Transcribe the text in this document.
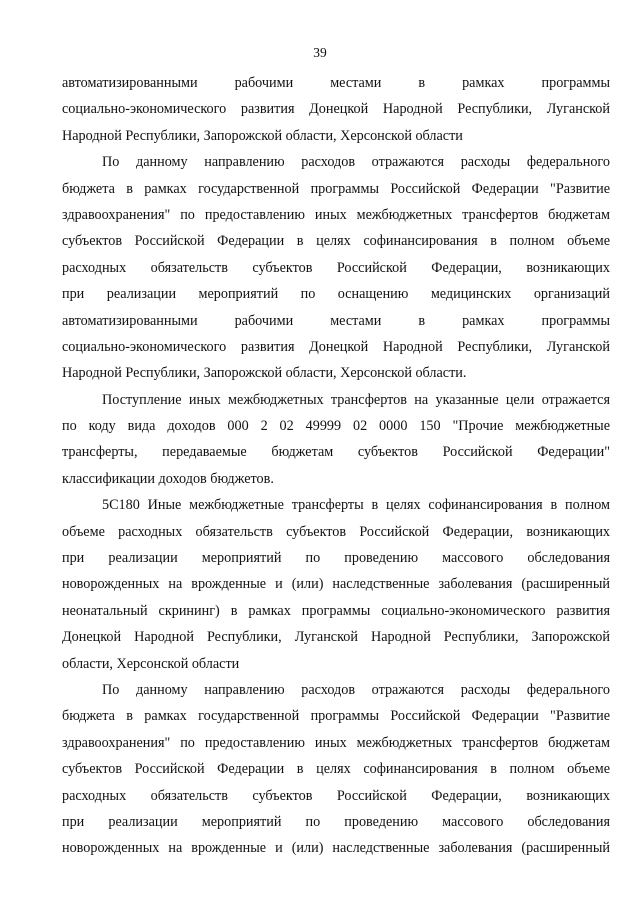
39
автоматизированными рабочими местами в рамках программы
социально-экономического развития Донецкой Народной Республики, Луганской
Народной Республики, Запорожской области, Херсонской области
По данному направлению расходов отражаются расходы федерального
бюджета в рамках государственной программы Российской Федерации "Развитие
здравоохранения" по предоставлению иных межбюджетных трансфертов бюджетам
субъектов Российской Федерации в целях софинансирования в полном объеме
расходных обязательств субъектов Российской Федерации, возникающих
при реализации мероприятий по оснащению медицинских организаций
автоматизированными рабочими местами в рамках программы
социально-экономического развития Донецкой Народной Республики, Луганской
Народной Республики, Запорожской области, Херсонской области.
Поступление иных межбюджетных трансфертов на указанные цели отражается
по коду вида доходов 000 2 02 49999 02 0000 150 "Прочие межбюджетные
трансферты, передаваемые бюджетам субъектов Российской Федерации"
классификации доходов бюджетов.
5С180 Иные межбюджетные трансферты в целях софинансирования в полном
объеме расходных обязательств субъектов Российской Федерации, возникающих
при реализации мероприятий по проведению массового обследования
новорожденных на врожденные и (или) наследственные заболевания (расширенный
неонатальный скрининг) в рамках программы социально-экономического развития
Донецкой Народной Республики, Луганской Народной Республики, Запорожской
области, Херсонской области
По данному направлению расходов отражаются расходы федерального
бюджета в рамках государственной программы Российской Федерации "Развитие
здравоохранения" по предоставлению иных межбюджетных трансфертов бюджетам
субъектов Российской Федерации в целях софинансирования в полном объеме
расходных обязательств субъектов Российской Федерации, возникающих
при реализации мероприятий по проведению массового обследования
новорожденных на врожденные и (или) наследственные заболевания (расширенный
